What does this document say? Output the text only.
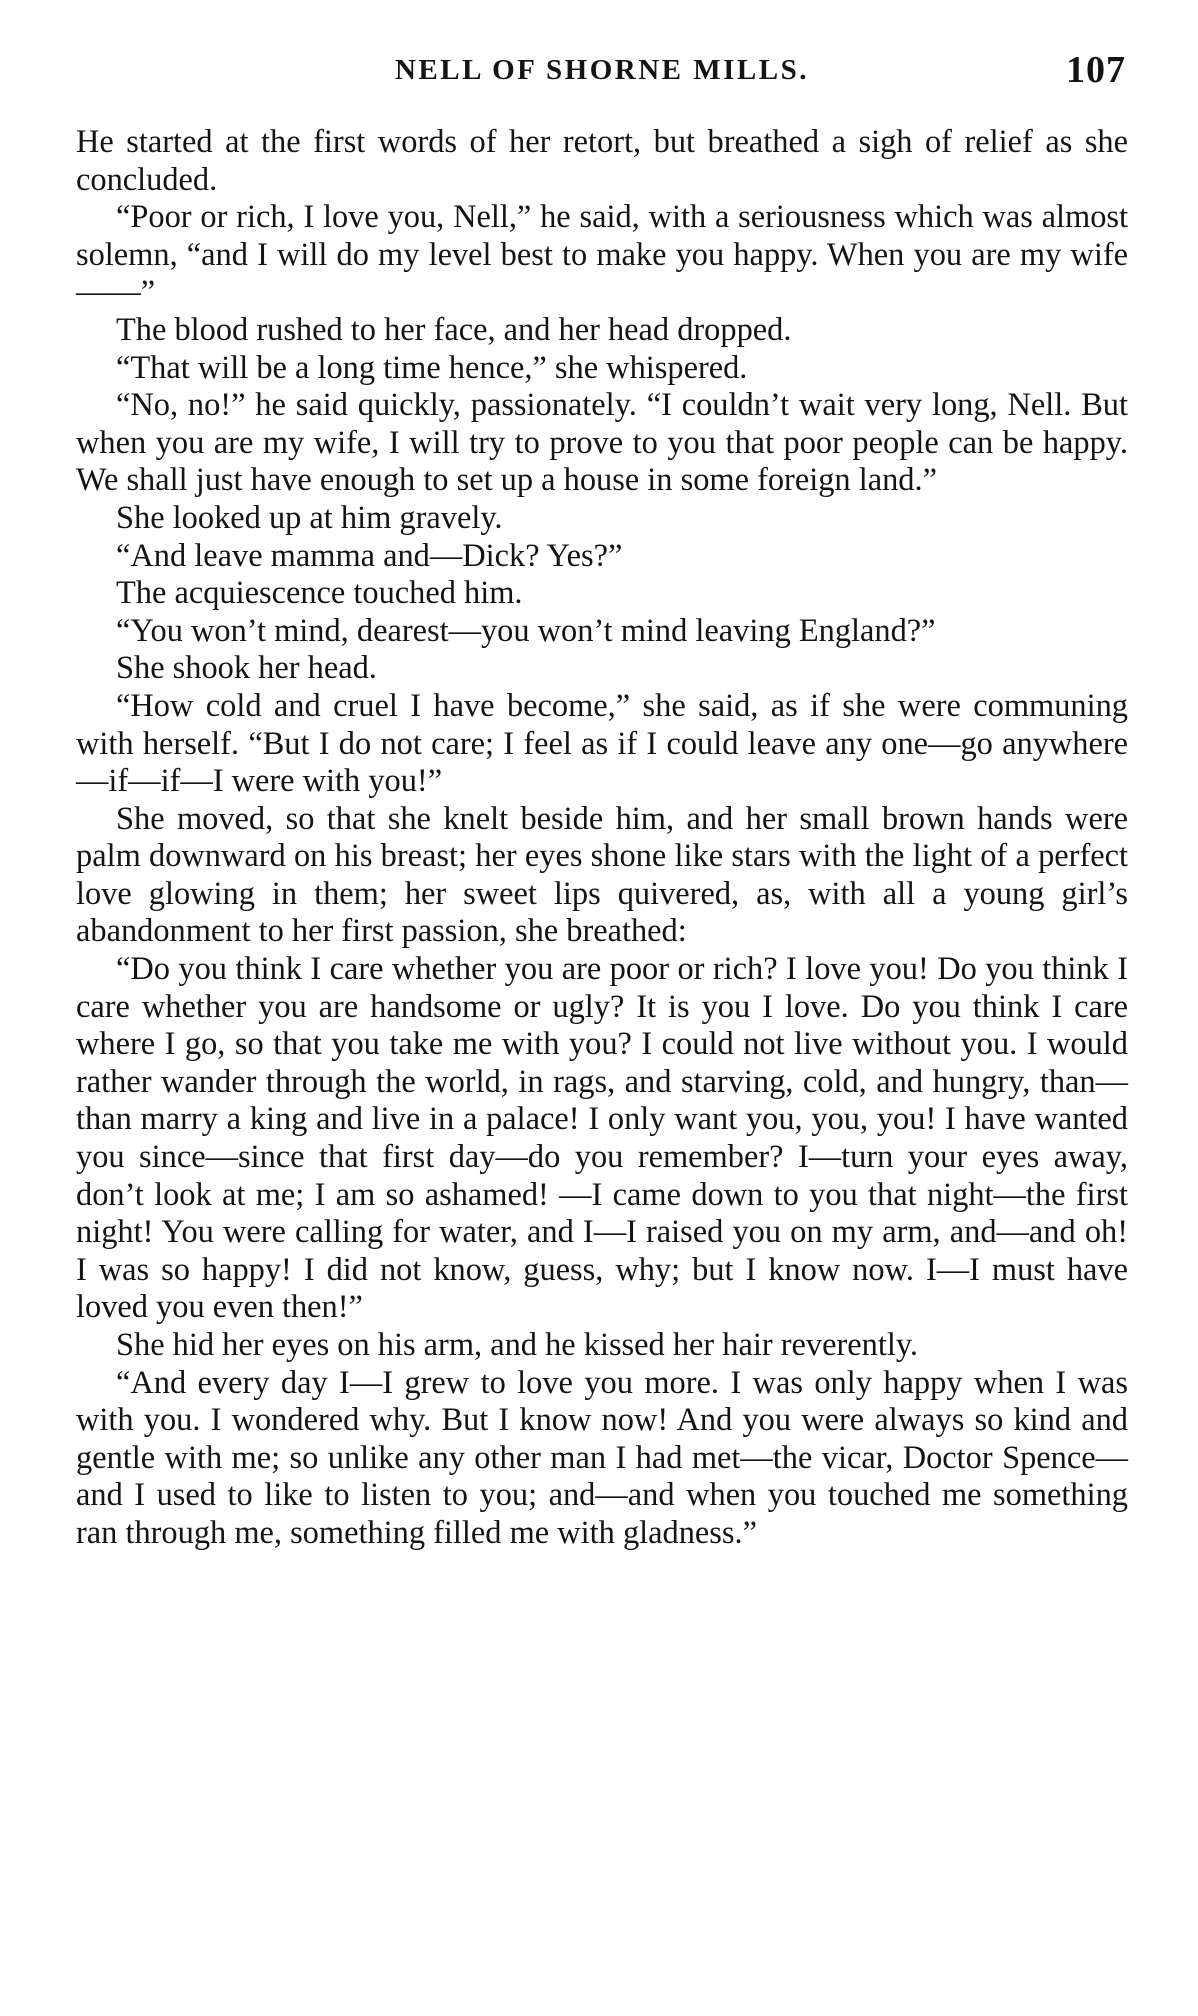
NELL OF SHORNE MILLS.	107

He started at the first words of her retort, but breathed a sigh of relief as she concluded.

“Poor or rich, I love you, Nell,” he said, with a seriousness which was almost solemn, “and I will do my level best to make you happy. When you are my wife——”

The blood rushed to her face, and her head dropped.

“That will be a long time hence,” she whispered.

“No, no!” he said quickly, passionately. “I couldn’t wait very long, Nell. But when you are my wife, I will try to prove to you that poor people can be happy. We shall just have enough to set up a house in some foreign land.”

She looked up at him gravely.

“And leave mamma and—Dick? Yes?”

The acquiescence touched him.

“You won’t mind, dearest—you won’t mind leaving England?”

She shook her head.

“How cold and cruel I have become,” she said, as if she were communing with herself. “But I do not care; I feel as if I could leave any one—go anywhere—if—if—I were with you!”

She moved, so that she knelt beside him, and her small brown hands were palm downward on his breast; her eyes shone like stars with the light of a perfect love glowing in them; her sweet lips quivered, as, with all a young girl’s abandonment to her first passion, she breathed:

“Do you think I care whether you are poor or rich? I love you! Do you think I care whether you are handsome or ugly? It is you I love. Do you think I care where I go, so that you take me with you? I could not live without you. I would rather wander through the world, in rags, and starving, cold, and hungry, than—than marry a king and live in a palace! I only want you, you, you! I have wanted you since—since that first day—do you remember? I—turn your eyes away, don’t look at me; I am so ashamed! —I came down to you that night—the first night! You were calling for water, and I—I raised you on my arm, and—and oh! I was so happy! I did not know, guess, why; but I know now. I—I must have loved you even then!”

She hid her eyes on his arm, and he kissed her hair reverently.

“And every day I—I grew to love you more. I was only happy when I was with you. I wondered why. But I know now! And you were always so kind and gentle with me; so unlike any other man I had met—the vicar, Doctor Spence—and I used to like to listen to you; and—and when you touched me something ran through me, something filled me with gladness.”
